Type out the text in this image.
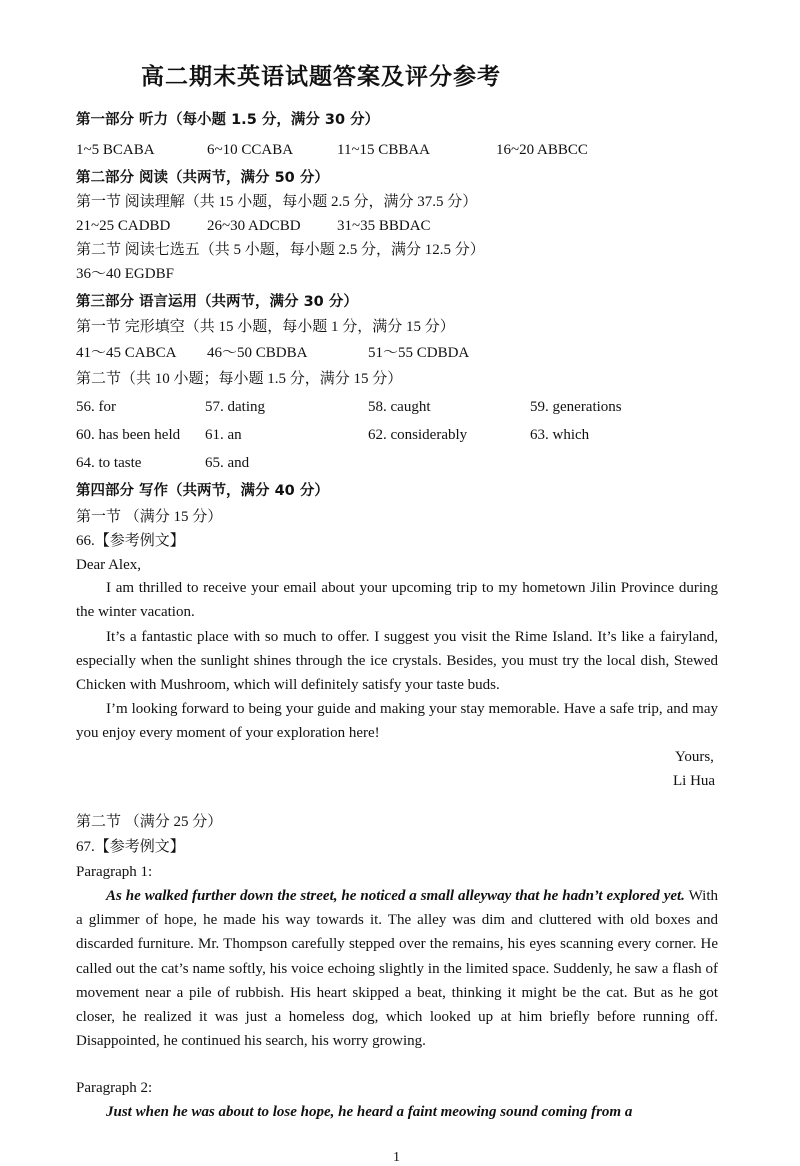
高二期末英语试题答案及评分参考
第一部分 听力（每小题 1.5 分，满分 30 分）
1~5 BCABA	6~10 CCABA	11~15 CBBAA	16~20 ABBCC
第二部分 阅读（共两节，满分 50 分）
第一节 阅读理解（共 15 小题，每小题 2.5 分，满分 37.5 分）
21~25 CADBD 26~30 ADCBD 31~35 BBDAC
第二节 阅读七选五（共 5 小题，每小题 2.5 分，满分 12.5 分）
36～40 EGDBF
第三部分 语言运用（共两节，满分 30 分）
第一节 完形填空（共 15 小题，每小题 1 分，满分 15 分）
41～45 CABCA 46～50 CBDBA	51～55 CDBDA
第二节（共 10 小题；每小题 1.5 分，满分 15 分）
56. for	57. dating	58. caught	59. generations
60. has been held 61. an	62. considerably	63. which
64. to taste	65. and
第四部分 写作（共两节，满分 40 分）
第一节 （满分 15 分）
66.【参考例文】
Dear Alex,
I am thrilled to receive your email about your upcoming trip to my hometown Jilin Province during the winter vacation.
It’s a fantastic place with so much to offer. I suggest you visit the Rime Island. It’s like a fairyland, especially when the sunlight shines through the ice crystals. Besides, you must try the local dish, Stewed Chicken with Mushroom, which will definitely satisfy your taste buds.
I’m looking forward to being your guide and making your stay memorable. Have a safe trip, and may you enjoy every moment of your exploration here!
Yours,
Li Hua
第二节 （满分 25 分）
67.【参考例文】
Paragraph 1:
As he walked further down the street, he noticed a small alleyway that he hadn’t explored yet. With a glimmer of hope, he made his way towards it. The alley was dim and cluttered with old boxes and discarded furniture. Mr. Thompson carefully stepped over the remains, his eyes scanning every corner. He called out the cat’s name softly, his voice echoing slightly in the limited space. Suddenly, he saw a flash of movement near a pile of rubbish. His heart skipped a beat, thinking it might be the cat. But as he got closer, he realized it was just a homeless dog, which looked up at him briefly before running off. Disappointed, he continued his search, his worry growing.
Paragraph 2:
Just when he was about to lose hope, he heard a faint meowing sound coming from a
1
